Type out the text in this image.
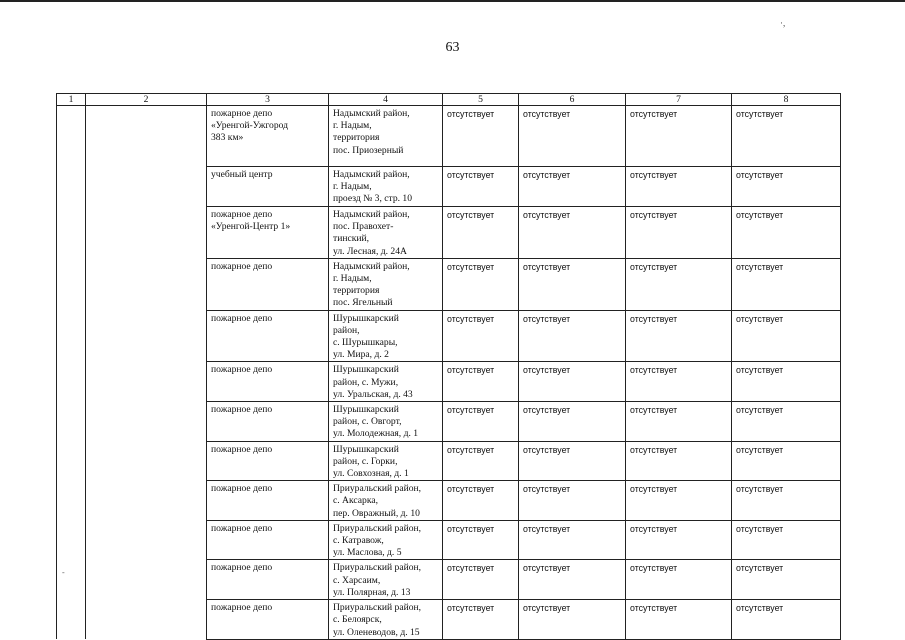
63
·,
-
1	2	3	4	5	6	7	8

		пожарное депо
«Уренгой-Ужгород
383 км»	Надымский район,
г. Надым,
территория
пос. Приозерный	отсутствует	отсутствует	отсутствует	отсутствует

		учебный центр	Надымский район,
г. Надым,
проезд № 3, стр. 10	отсутствует	отсутствует	отсутствует	отсутствует

		пожарное депо
«Уренгой-Центр 1»	Надымский район,
пос. Правохет-
тинский,
ул. Лесная, д. 24А	отсутствует	отсутствует	отсутствует	отсутствует

		пожарное депо	Надымский район,
г. Надым,
территория
пос. Ягельный	отсутствует	отсутствует	отсутствует	отсутствует

		пожарное депо	Шурышкарский
район,
с. Шурышкары,
ул. Мира, д. 2	отсутствует	отсутствует	отсутствует	отсутствует

		пожарное депо	Шурышкарский
район, с. Мужи,
ул. Уральская, д. 43	отсутствует	отсутствует	отсутствует	отсутствует

		пожарное депо	Шурышкарский
район, с. Овгорт,
ул. Молодежная, д. 1	отсутствует	отсутствует	отсутствует	отсутствует

		пожарное депо	Шурышкарский
район, с. Горки,
ул. Совхозная, д. 1	отсутствует	отсутствует	отсутствует	отсутствует

		пожарное депо	Приуральский район,
с. Аксарка,
пер. Овражный, д. 10	отсутствует	отсутствует	отсутствует	отсутствует

		пожарное депо	Приуральский район,
с. Катравож,
ул. Маслова, д. 5	отсутствует	отсутствует	отсутствует	отсутствует

		пожарное депо	Приуральский район,
с. Харсаим,
ул. Полярная, д. 13	отсутствует	отсутствует	отсутствует	отсутствует

		пожарное депо	Приуральский район,
с. Белоярск,
ул. Оленеводов, д. 15	отсутствует	отсутствует	отсутствует	отсутствует
